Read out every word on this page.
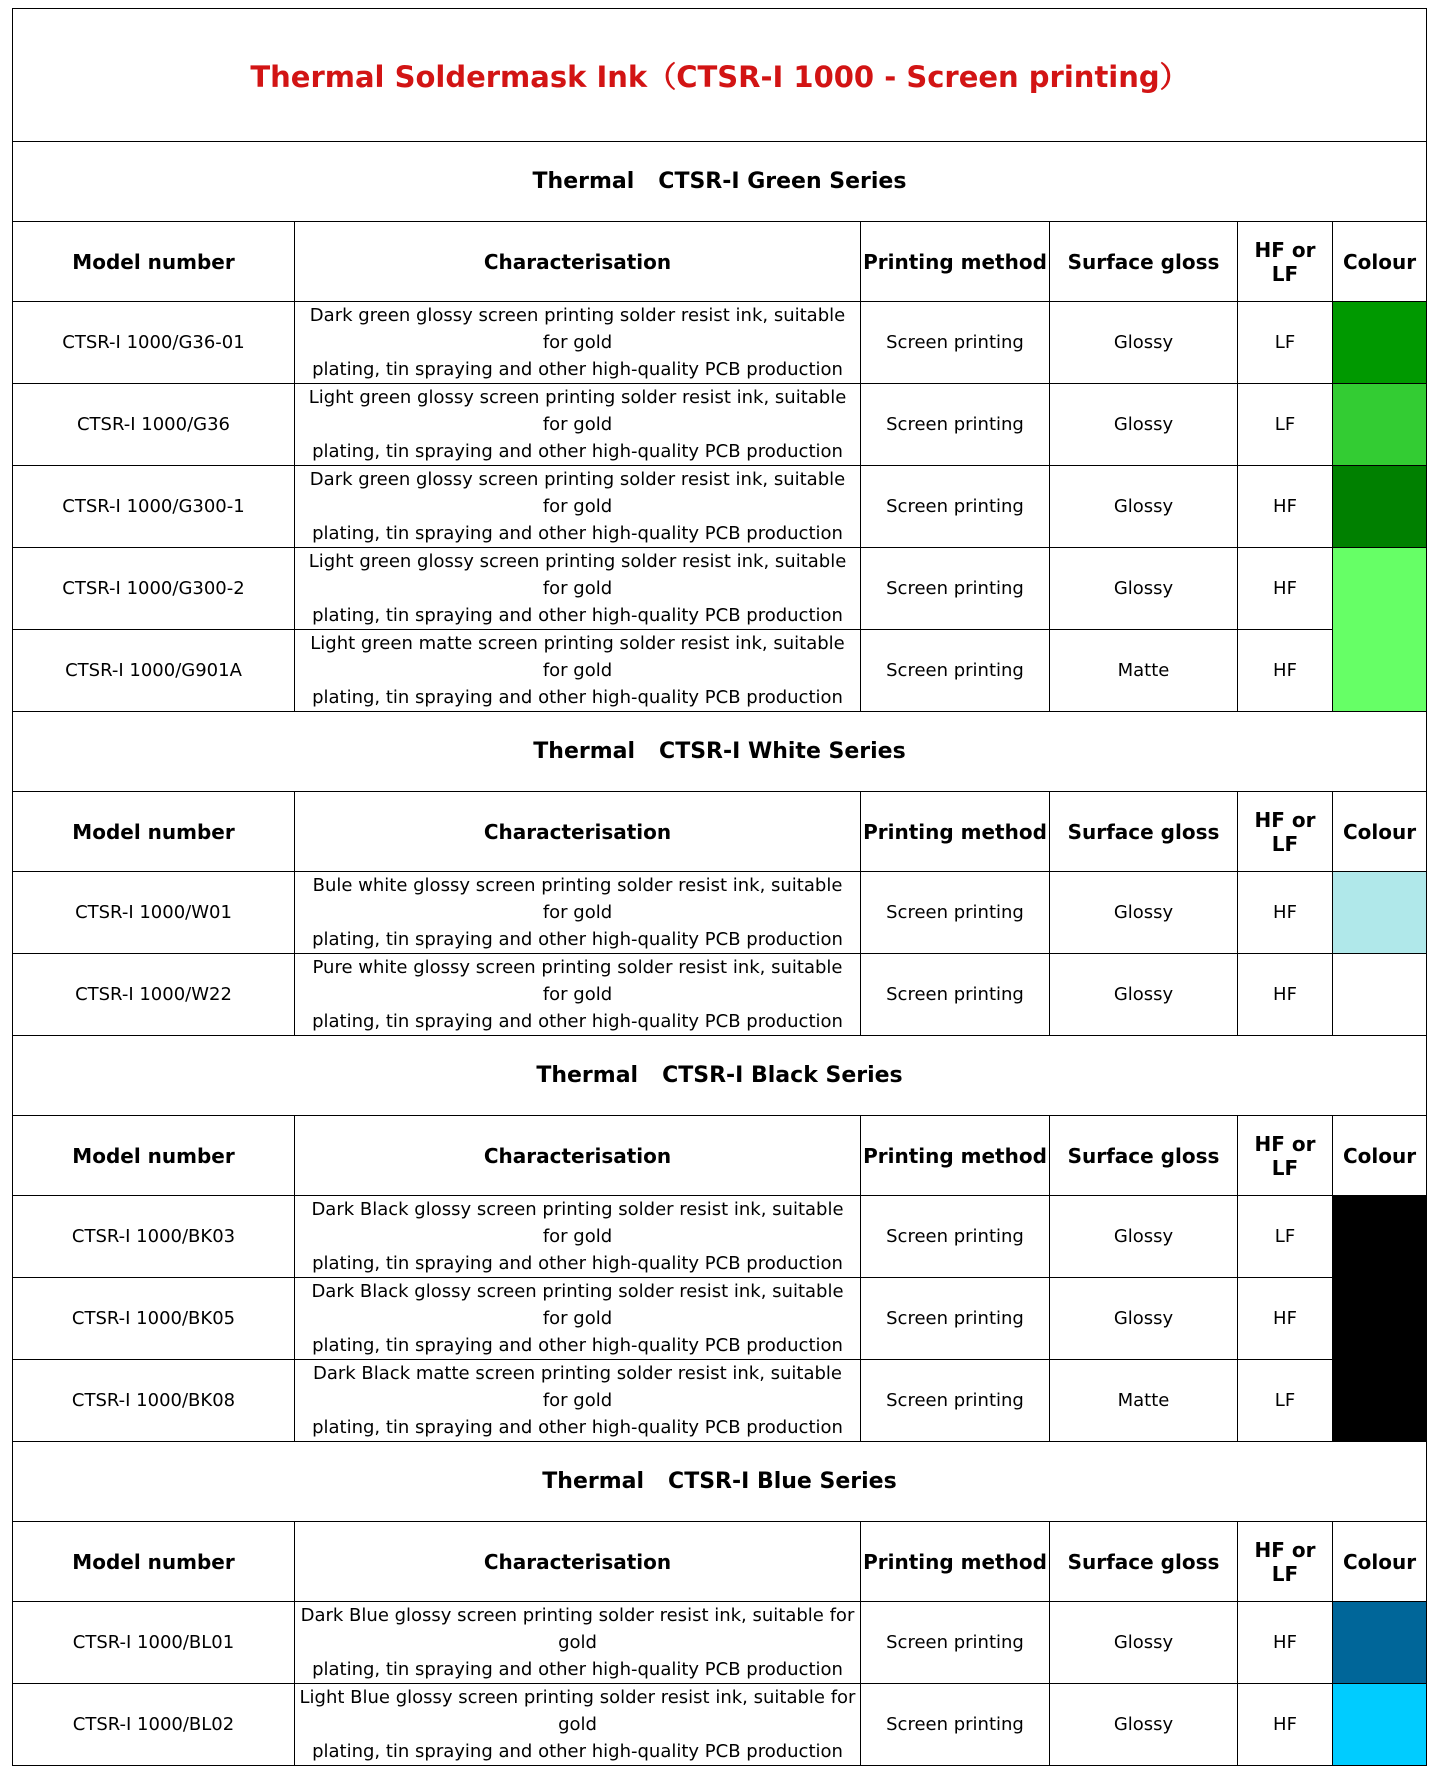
Thermal Soldermask Ink（CTSR-I 1000 - Screen printing）					
Thermal CTSR-I Green Series					
Model number	Characterisation	Printing method	Surface gloss	HF or LF	Colour
CTSR-I 1000/G36-01	Dark green glossy screen printing solder resist ink, suitable for gold
plating, tin spraying and other high-quality PCB production	Screen printing	Glossy	LF	
CTSR-I 1000/G36	Light green glossy screen printing solder resist ink, suitable for gold
plating, tin spraying and other high-quality PCB production	Screen printing	Glossy	LF	
CTSR-I 1000/G300-1	Dark green glossy screen printing solder resist ink, suitable for gold
plating, tin spraying and other high-quality PCB production	Screen printing	Glossy	HF	
CTSR-I 1000/G300-2	Light green glossy screen printing solder resist ink, suitable for gold
plating, tin spraying and other high-quality PCB production	Screen printing	Glossy	HF	
CTSR-I 1000/G901A	Light green matte screen printing solder resist ink, suitable for gold
plating, tin spraying and other high-quality PCB production	Screen printing	Matte	HF	
Thermal CTSR-I White Series					
Model number	Characterisation	Printing method	Surface gloss	HF or LF	Colour
CTSR-I 1000/W01	Bule white glossy screen printing solder resist ink, suitable for gold
plating, tin spraying and other high-quality PCB production	Screen printing	Glossy	HF	
CTSR-I 1000/W22	Pure white glossy screen printing solder resist ink, suitable for gold
plating, tin spraying and other high-quality PCB production	Screen printing	Glossy	HF	
Thermal CTSR-I Black Series					
Model number	Characterisation	Printing method	Surface gloss	HF or LF	Colour
CTSR-I 1000/BK03	Dark Black glossy screen printing solder resist ink, suitable for gold
plating, tin spraying and other high-quality PCB production	Screen printing	Glossy	LF	
CTSR-I 1000/BK05	Dark Black glossy screen printing solder resist ink, suitable for gold
plating, tin spraying and other high-quality PCB production	Screen printing	Glossy	HF	
CTSR-I 1000/BK08	Dark Black matte screen printing solder resist ink, suitable for gold
plating, tin spraying and other high-quality PCB production	Screen printing	Matte	LF	
Thermal CTSR-I Blue Series					
Model number	Characterisation	Printing method	Surface gloss	HF or LF	Colour
CTSR-I 1000/BL01	Dark Blue glossy screen printing solder resist ink, suitable for gold
plating, tin spraying and other high-quality PCB production	Screen printing	Glossy	HF	
CTSR-I 1000/BL02	Light Blue glossy screen printing solder resist ink, suitable for gold
plating, tin spraying and other high-quality PCB production	Screen printing	Glossy	HF	
